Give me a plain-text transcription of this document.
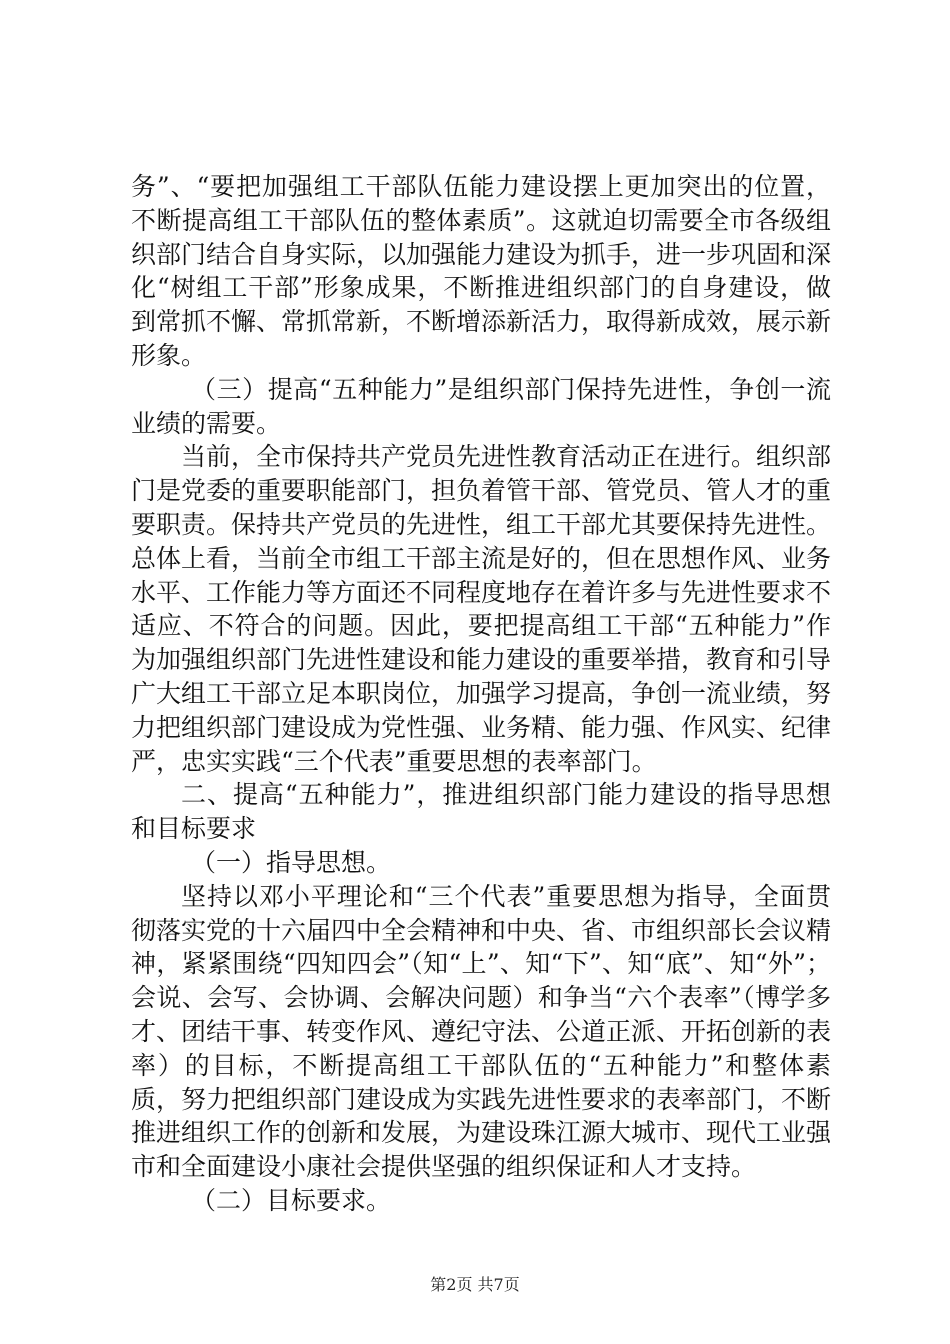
务”、“要把加强组工干部队伍能力建设摆上更加突出的位置，不断提高组工干部队伍的整体素质”。这就迫切需要全市各级组织部门结合自身实际，以加强能力建设为抓手，进一步巩固和深化“树组工干部”形象成果，不断推进组织部门的自身建设，做到常抓不懈、常抓常新，不断增添新活力，取得新成效，展示新形象。

（三）提高“五种能力”是组织部门保持先进性，争创一流业绩的需要。

当前，全市保持共产党员先进性教育活动正在进行。组织部门是党委的重要职能部门，担负着管干部、管党员、管人才的重要职责。保持共产党员的先进性，组工干部尤其要保持先进性。总体上看，当前全市组工干部主流是好的，但在思想作风、业务水平、工作能力等方面还不同程度地存在着许多与先进性要求不适应、不符合的问题。因此，要把提高组工干部“五种能力”作为加强组织部门先进性建设和能力建设的重要举措，教育和引导广大组工干部立足本职岗位，加强学习提高，争创一流业绩，努力把组织部门建设成为党性强、业务精、能力强、作风实、纪律严，忠实实践“三个代表”重要思想的表率部门。

二、提高“五种能力”，推进组织部门能力建设的指导思想和目标要求

（一）指导思想。

坚持以邓小平理论和“三个代表”重要思想为指导，全面贯彻落实党的十六届四中全会精神和中央、省、市组织部长会议精神，紧紧围绕“四知四会”（知“上”、知“下”、知“底”、知“外”；会说、会写、会协调、会解决问题）和争当“六个表率”（博学多才、团结干事、转变作风、遵纪守法、公道正派、开拓创新的表率）的目标，不断提高组工干部队伍的“五种能力”和整体素质，努力把组织部门建设成为实践先进性要求的表率部门，不断推进组织工作的创新和发展，为建设珠江源大城市、现代工业强市和全面建设小康社会提供坚强的组织保证和人才支持。

（二）目标要求。

第2页 共7页
